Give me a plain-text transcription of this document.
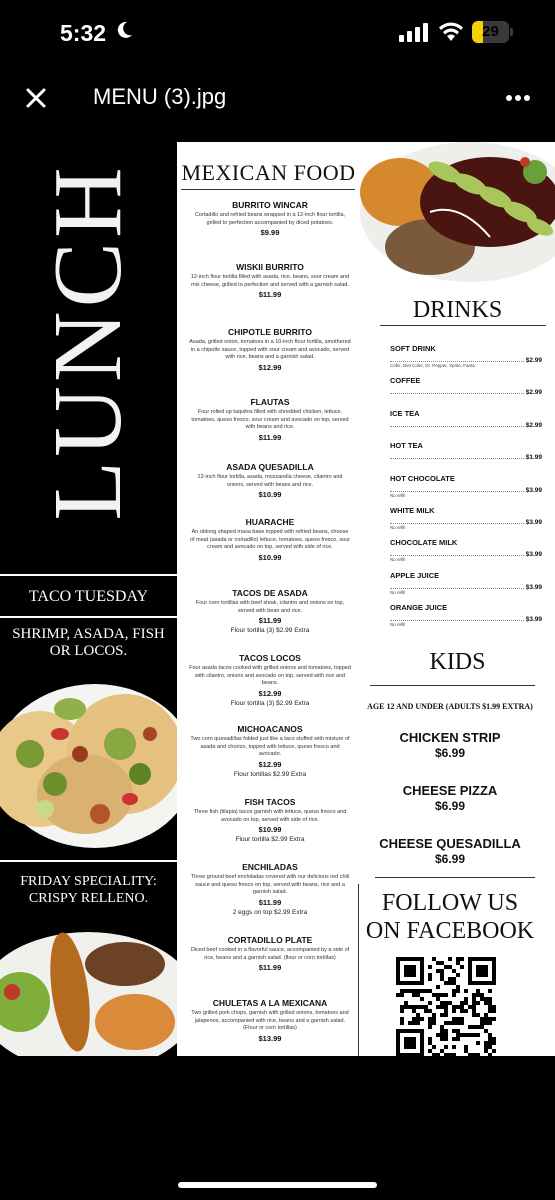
5:32	29
MENU (3).jpg
LUNCH
TACO TUESDAY
SHRIMP, ASADA, FISH OR LOCOS.
FRIDAY SPECIALITY:
CRISPY RELLENO.
MEXICAN FOOD
BURRITO WINCAR
Cortadillo and refried beans wrapped in a 12-inch flour tortilla, grilled to perfection accompanied by diced potatoes.
$9.99
WISKII BURRITO
12-inch flour tortilla filled with asada, rice, beans, sour cream and mix cheese, grilled to perfection and served with a garnish salad.
$11.99
CHIPOTLE BURRITO
Asada, grilled onion, tomatoes in a 10-inch flour tortilla, smothered in a chipotle sauce, topped with sour cream and avocado, served with rice, beans and a garnish salad.
$12.99
FLAUTAS
Four rolled up taquitos filled with shredded chicken, lettuce, tomatoes, queso fresco, sour cream and avocado on top, served with beans and rice.
$11.99
ASADA QUESADILLA
12-inch flour tortilla, asada, mozzarella cheese, cilantro and onions, served with beans and rice.
$10.99
HUARACHE
An oblong shaped masa base topped with refried beans, choose of meat (asada or cortadillo) lettuce, tomatoes, queso fresco, sour cream and avocado on top, served with side of rice.
$10.99
TACOS DE ASADA
Four corn tortillas with beef steak, cilantro and onions on top, served with bean and rice.
$11.99
Flour tortilla (3) $2.99 Extra
TACOS LOCOS
Four asada tacos cooked with grilled onions and tomatoes, topped with cilantro, onions and avocado on top, served with rice and beans.
$12.99
Flour tortilla (3) $2.99 Extra
MICHOACANOS
Two corn quesadillas folded just like a taco stuffed with mixture of asada and chorizo, topped with lettuce, queso fresco and avocado.
$12.99
Flour tortillas $2.99 Extra
FISH TACOS
Three fish (tilapia) tacos garnish with lettuce, queso fresco and avocado on top, served with side of rice.
$10.99
Flour tortilla $2.99 Extra
ENCHILADAS
Three ground beef enchiladas covered with our delicious red chili sauce and queso fresco on top, served with beans, rice and a garnish salad.
$11.99
2 eggs on top $2.99 Extra
CORTADILLO PLATE
Diced beef cooked in a flavorful sauce, accompanied by a side of rice, beans and a garnish salad. (flour or corn tortillas)
$11.99
CHULETAS A LA MEXICANA
Two grilled pork chops, garnish with grilled onions, tomatoes and jalapenos, accompanied with rice, beans and a garnish salad. (Flour or corn tortillas)
$13.99
DRINKS
SOFT DRINK
Coke, Diet Coke, Dr. Pepper, Sprite, Fanta
$2.99
COFFEE
$2.99
ICE TEA
$2.99
HOT TEA
$1.99
HOT CHOCOLATE
No refill
$3.99
WHITE MILK
No refill
$3.99
CHOCOLATE MILK
No refill
$3.99
APPLE JUICE
No refill
$3.99
ORANGE JUICE
No refill
$3.99
KIDS
AGE 12 AND UNDER (ADULTS $1.99 EXTRA)
CHICKEN STRIP
$6.99
CHEESE PIZZA
$6.99
CHEESE QUESADILLA
$6.99
FOLLOW US
ON FACEBOOK
